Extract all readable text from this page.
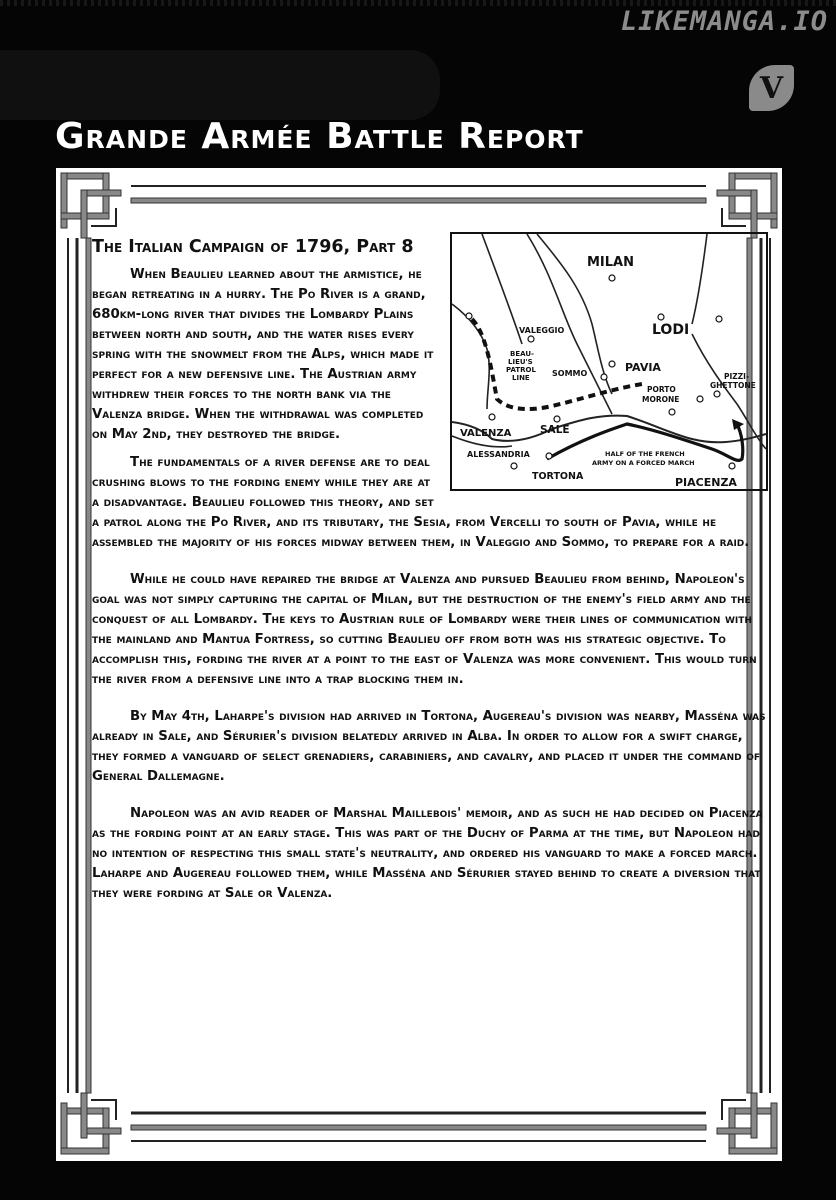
LIKEMANGA.IO
V
Grande Armée Battle Report
MILAN
LODI
VALEGGIO
BEAU-
LIEU'S
PATROL
LINE	SOMMO	PAVIA
PIZZI-
GHETTONE
PORTO
MORONE
VALENZA	SALE
ALESSANDRIA
TORTONA
HALF OF THE FRENCH
ARMY ON A FORCED MARCH
PIACENZA
The Italian Campaign of 1796, Part 8

When Beaulieu learned about the armistice, he began retreating in a hurry. The Po River is a grand, 680km-long river that divides the Lombardy Plains between north and south, and the water rises every spring with the snowmelt from the Alps, which made it perfect for a new defensive line. The Austrian army withdrew their forces to the north bank via the Valenza bridge. When the withdrawal was completed on May 2nd, they destroyed the bridge.

The fundamentals of a river defense are to deal crushing blows to the fording enemy while they are at a disadvantage. Beaulieu followed this theory, and set a patrol along the Po River, and its tributary, the Sesia, from Vercelli to south of Pavia, while he assembled the majority of his forces midway between them, in Valeggio and Sommo, to prepare for a raid.

While he could have repaired the bridge at Valenza and pursued Beaulieu from behind, Napoleon's goal was not simply capturing the capital of Milan, but the destruction of the enemy's field army and the conquest of all Lombardy. The keys to Austrian rule of Lombardy were their lines of communication with the mainland and Mantua Fortress, so cutting Beaulieu off from both was his strategic objective. To accomplish this, fording the river at a point to the east of Valenza was more convenient. This would turn the river from a defensive line into a trap blocking them in.

By May 4th, Laharpe's division had arrived in Tortona, Augereau's division was nearby, Masséna was already in Sale, and Sérurier's division belatedly arrived in Alba. In order to allow for a swift charge, they formed a vanguard of select grenadiers, carabiniers, and cavalry, and placed it under the command of General Dallemagne.

Napoleon was an avid reader of Marshal Maillebois' memoir, and as such he had decided on Piacenza as the fording point at an early stage. This was part of the Duchy of Parma at the time, but Napoleon had no intention of respecting this small state's neutrality, and ordered his vanguard to make a forced march. Laharpe and Augereau followed them, while Masséna and Sérurier stayed behind to create a diversion that they were fording at Sale or Valenza.
